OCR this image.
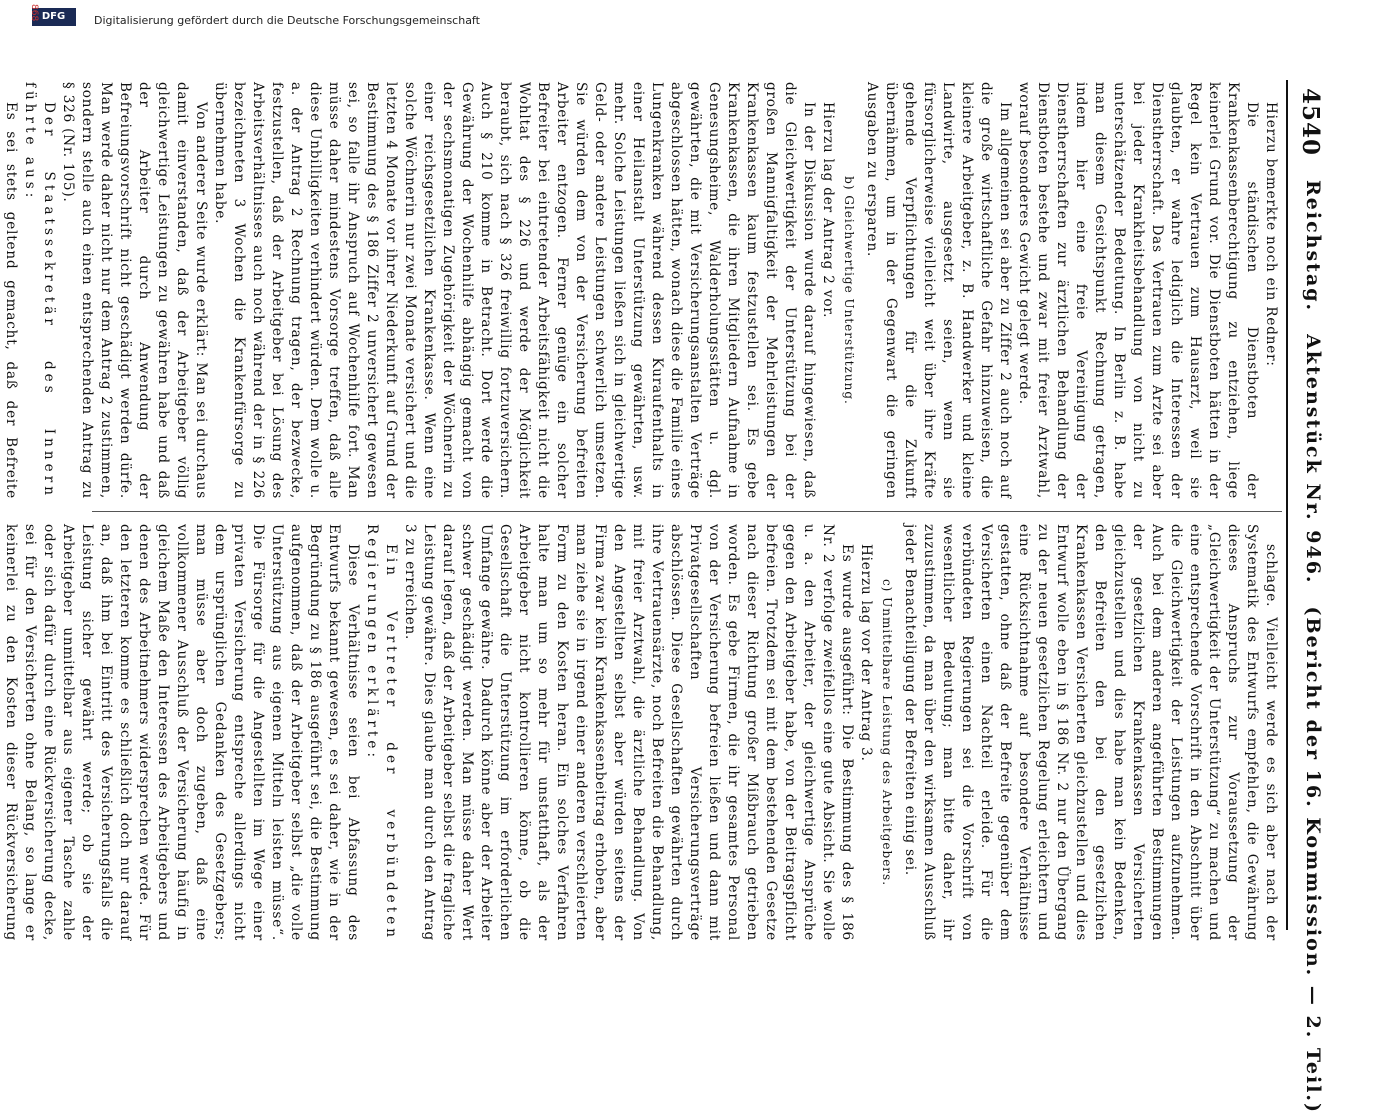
4540
Reichstag.
Aktenstück Nr. 946.
(Bericht der 16. Kommission. — 2. Teil.)

Hierzu bemerkte noch ein Redner:

Die ständischen Dienstboten der Krankenkassenberechtigung zu entziehen, liege keinerlei Grund vor. Die Dienstboten hätten in der Regel kein Vertrauen zum Hausarzt, weil sie glaubten, er wahre lediglich die Interessen der Dienstherrschaft. Das Vertrauen zum Arzte sei aber bei jeder Krankheitsbehandlung von nicht zu unterschätzender Bedeutung. In Berlin z. B. habe man diesem Gesichtspunkt Rechnung getragen, indem hier eine freie Vereinigung der Dienstherrschaften zur ärztlichen Behandlung der Dienstboten bestehe und zwar mit freier Arztwahl, worauf besonderes Gewicht gelegt werde.

Im allgemeinen sei aber zu Ziffer 2 auch noch auf die große wirtschaftliche Gefahr hinzuweisen, die kleinere Arbeitgeber, z. B. Handwerker und kleine Landwirte, ausgesetzt seien, wenn sie fürsorglicherweise vielleicht weit über ihre Kräfte gehende Verpflichtungen für die Zukunft übernähmen, um in der Gegenwart die geringen Ausgaben zu ersparen.

b) Gleichwertige Unterstützung.

Hierzu lag der Antrag 2 vor.

In der Diskussion wurde darauf hingewiesen, daß die Gleichwertigkeit der Unterstützung bei der großen Mannigfaltigkeit der Mehrleistungen der Krankenkassen kaum festzustellen sei. Es gebe Krankenkassen, die ihren Mitgliedern Aufnahme in Genesungsheime, Walderholungsstätten u. dgl. gewährten, die mit Versicherungsanstalten Verträge abgeschlossen hätten, wonach diese die Familie eines Lungenkranken während dessen Kuraufenthalts in einer Heilanstalt Unterstützung gewährten, usw. mehr. Solche Leistungen ließen sich in gleichwertige Geld- oder andere Leistungen schwerlich umsetzen. Sie würden dem von der Versicherung befreiten Arbeiter entzogen. Ferner genüge ein solcher Befreiter bei eintretender Arbeitsfähigkeit nicht die Wohltat des § 226 und werde der Möglichkeit beraubt, sich nach § 326 freiwillig fortzuversichern. Auch § 210 komme in Betracht. Dort werde die Gewährung der Wochenhilfe abhängig gemacht von der sechsmonatigen Zugehörigkeit der Wöchnerin zu einer reichsgesetzlichen Krankenkasse. Wenn eine solche Wöchnerin nur zwei Monate versichert und die letzten 4 Monate vor ihrer Niederkunft auf Grund der Bestimmung des § 186 Ziffer 2 unversichert gewesen sei, so falle ihr Anspruch auf Wochenhilfe fort. Man müsse daher mindestens Vorsorge treffen, daß alle diese Unbilligkeiten verhindert würden. Dem wolle u. a. der Antrag 2 Rechnung tragen, der bezwecke, festzustellen, daß der Arbeitgeber bei Lösung des Arbeitsverhältnisses auch noch während der in § 226 bezeichneten 3 Wochen die Krankenfürsorge zu übernehmen habe.

Von anderer Seite wurde erklärt: Man sei durchaus damit einverstanden, daß der Arbeitgeber völlig gleichwertige Leistungen zu gewähren habe und daß der Arbeiter durch Anwendung der Befreiungsvorschrift nicht geschädigt werden dürfe. Man werde daher nicht nur dem Antrag 2 zustimmen, sondern stelle auch einen entsprechenden Antrag zu § 326 (Nr. 105).

Der Staatssekretär des Innern führte aus:

Es sei stets geltend gemacht, daß der Befreite

schlage. Vielleicht werde es sich aber nach der Systematik des Entwurfs empfehlen, die Gewährung dieses Anspruchs zur Voraussetzung der „Gleichwertigkeit der Unterstützung“ zu machen und eine entsprechende Vorschrift in den Abschnitt über die Gleichwertigkeit der Leistungen aufzunehmen. Auch bei dem anderen angeführten Bestimmungen der gesetzlichen Krankenkassen Versicherten gleichzustellen und dies habe man kein Bedenken, den Befreiten den bei den gesetzlichen Krankenkassen Versicherten gleichzustellen und dies Entwurf wolle eben in § 186 Nr. 2 nur den Übergang zu der neuen gesetzlichen Regelung erleichtern und eine Rücksichtnahme auf besondere Verhältnisse gestatten, ohne daß der Befreite gegenüber dem Versicherten einen Nachteil erleide. Für die verbündeten Regierungen sei die Vorschrift von wesentlicher Bedeutung; man bitte daher, ihr zuzustimmen, da man über den wirksamen Ausschluß jeder Benachteiligung der Befreiten einig sei.

c) Unmittelbare Leistung des Arbeitgebers.

Hierzu lag vor der Antrag 3.

Es wurde ausgeführt: Die Bestimmung des § 186 Nr. 2 verfolge zweifellos eine gute Absicht. Sie wolle u. a. den Arbeiter, der gleichwertige Ansprüche gegen den Arbeitgeber habe, von der Beitragspflicht befreien. Trotzdem sei mit dem bestehenden Gesetze nach dieser Richtung großer Mißbrauch getrieben worden. Es gebe Firmen, die ihr gesamtes Personal von der Versicherung befreien ließen und dann mit Privatgesellschaften Versicherungsverträge abschlössen. Diese Gesellschaften gewährten durch ihre Vertrauensärzte, noch Befreiten die Behandlung, mit freier Arztwahl, die ärztliche Behandlung. Von den Angestellten selbst aber würden seitens der Firma zwar kein Krankenkassenbeitrag erhoben, aber man ziehe sie in irgend einer anderen verschleierten Form zu den Kosten heran. Ein solches Verfahren halte man um so mehr für unstatthaft, als der Arbeitgeber nicht kontrollieren könne, ob die Gesellschaft die Unterstützung im erforderlichen Umfange gewähre. Dadurch könne aber der Arbeiter schwer geschädigt werden. Man müsse daher Wert darauf legen, daß der Arbeitgeber selbst die fragliche Leistung gewähre. Dies glaube man durch den Antrag 3 zu erreichen.

Ein Vertreter der verbündeten Regierungen erklärte:

Diese Verhältnisse seien bei Abfassung des Entwurfs bekannt gewesen, es sei daher, wie in der Begründung zu § 186 ausgeführt sei, die Bestimmung aufgenommen, daß der Arbeitgeber selbst „die volle Unterstützung aus eigenen Mitteln leisten müsse“. Die Fürsorge für die Angestellten im Wege einer privaten Versicherung entspreche allerdings nicht dem ursprünglichen Gedanken des Gesetzgebers; man müsse aber doch zugeben, daß eine vollkommener Ausschluß der Versicherung häufig in gleichem Maße den Interessen des Arbeitgebers und denen des Arbeitnehmers widersprechen werde. Für den letzteren komme es schließlich doch nur darauf an, daß ihm bei Eintritt des Versicherungsfalls die Leistung sicher gewährt werde; ob sie der Arbeitgeber unmittelbar aus eigener Tasche zahle oder sich dafür durch eine Rückversicherung decke, sei für den Versicherten ohne Belang, so lange er keinerlei zu den Kosten dieser Rückversicherung

Digitalisierung gefördert durch die Deutsche Forschungsgemeinschaft
DFG
868
